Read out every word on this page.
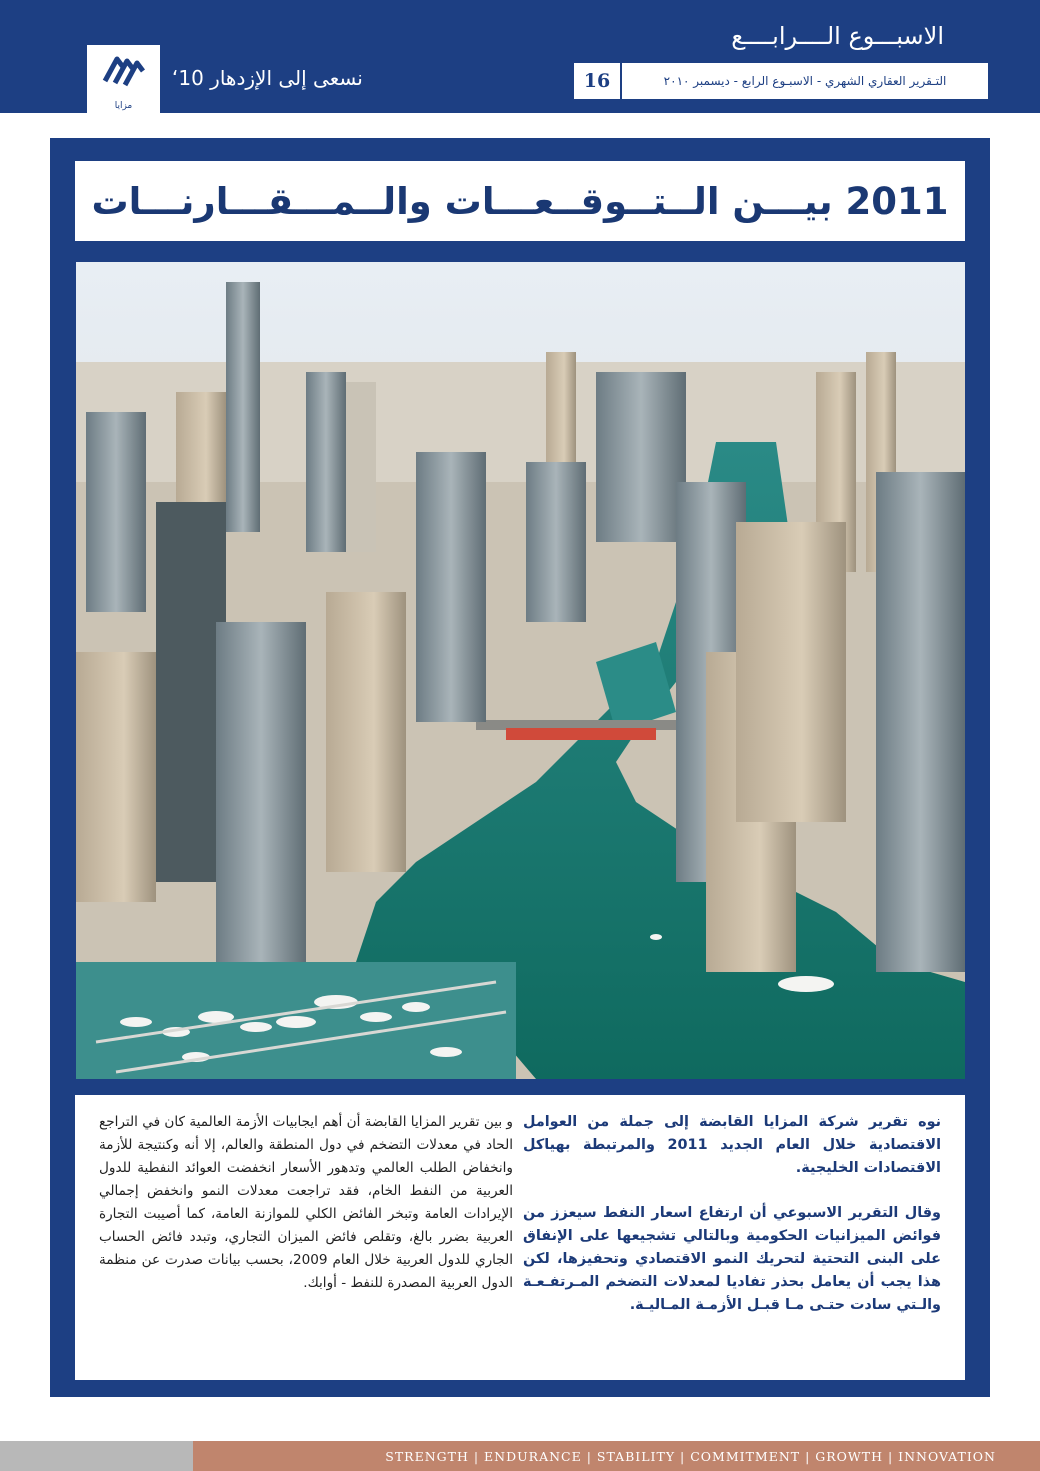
الاسبـــوع الــــرابــــع
16	التـقرير العقاري الشهري - الاسبـوع الرابع - ديسمبر ٢٠١٠
نسعى إلى الإزدهار 10‘
مزايا
2011 بيـــن الــتــوقــعـــات والــمـــقـــارنـــات

نوه تقرير شركة المزايا القابضة إلى جملة من العوامل الاقتصادية خلال العام الجديد 2011 والمرتبطة بهياكل الاقتصادات الخليجية.

وقال التقرير الاسبوعي أن ارتفاع اسعار النفط سيعزز من فوائض الميزانيات الحكومية وبالتالي تشجيعها على الإنفاق على البنى التحتية لتحريك النمو الاقتصادي وتحفيزها، لكن هذا يجب أن يعامل بحذر تفاديا لمعدلات التضخم المـرتفـعـة والـتي سادت حتـى مـا قبـل الأزمـة المـاليـة.

و بين تقرير المزايا القابضة أن أهم ايجابيات الأزمة العالمية كان في التراجع الحاد في معدلات التضخم في دول المنطقة والعالم، إلا أنه وكنتيجة للأزمة وانخفاض الطلب العالمي وتدهور الأسعار انخفضت العوائد النفطية للدول العربية من النفط الخام، فقد تراجعت معدلات النمو وانخفض إجمالي الإيرادات العامة وتبخر الفائض الكلي للموازنة العامة، كما أصيبت التجارة العربية بضرر بالغ، وتقلص فائض الميزان التجاري، وتبدد فائض الحساب الجاري للدول العربية خلال العام 2009، بحسب بيانات صدرت عن منظمة الدول العربية المصدرة للنفط - أوابك.

STRENGTH | ENDURANCE | STABILITY | COMMITMENT | GROWTH | INNOVATION
